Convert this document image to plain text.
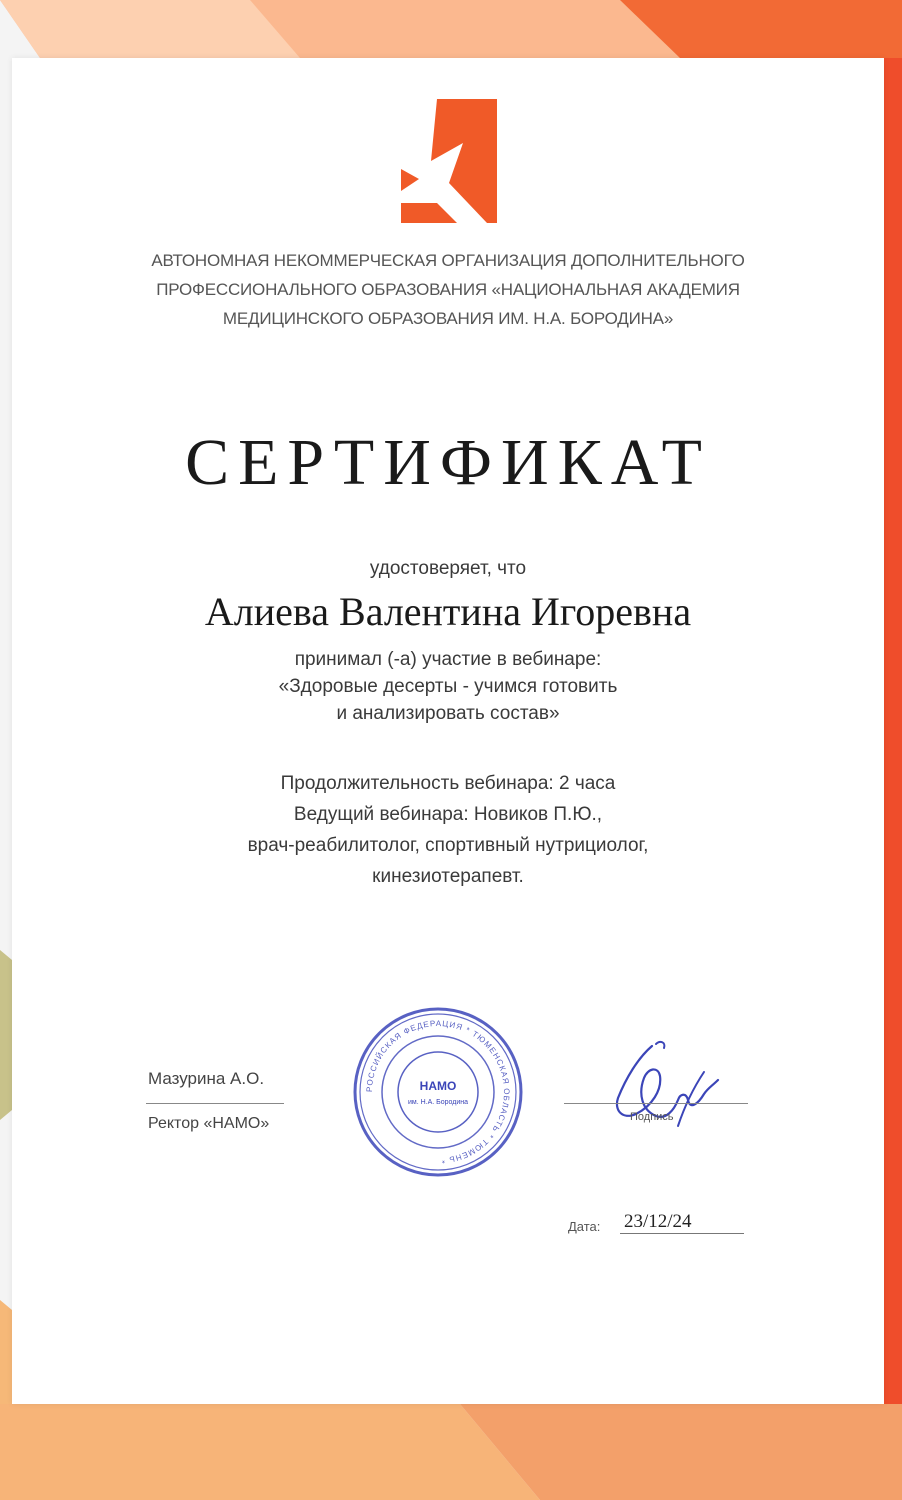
АВТОНОМНАЯ НЕКОММЕРЧЕСКАЯ ОРГАНИЗАЦИЯ ДОПОЛНИТЕЛЬНОГО
ПРОФЕССИОНАЛЬНОГО ОБРАЗОВАНИЯ «НАЦИОНАЛЬНАЯ АКАДЕМИЯ
МЕДИЦИНСКОГО ОБРАЗОВАНИЯ ИМ. Н.А. БОРОДИНА»
СЕРТИФИКАТ
удостоверяет, что
Алиева Валентина Игоревна
принимал (-а) участие в вебинаре:
«Здоровые десерты - учимся готовить
и анализировать состав»
Продолжительность вебинара: 2 часа
Ведущий вебинара: Новиков П.Ю.,
врач-реабилитолог, спортивный нутрициолог,
кинезиотерапевт.
Мазурина А.О.
Ректор «НАМО»
РОССИЙСКАЯ ФЕДЕРАЦИЯ * ТЮМЕНСКАЯ ОБЛАСТЬ * ТЮМЕНЬ *
НАМО
им. Н.А. Бородина
Подпись
Дата: 23/12/24
